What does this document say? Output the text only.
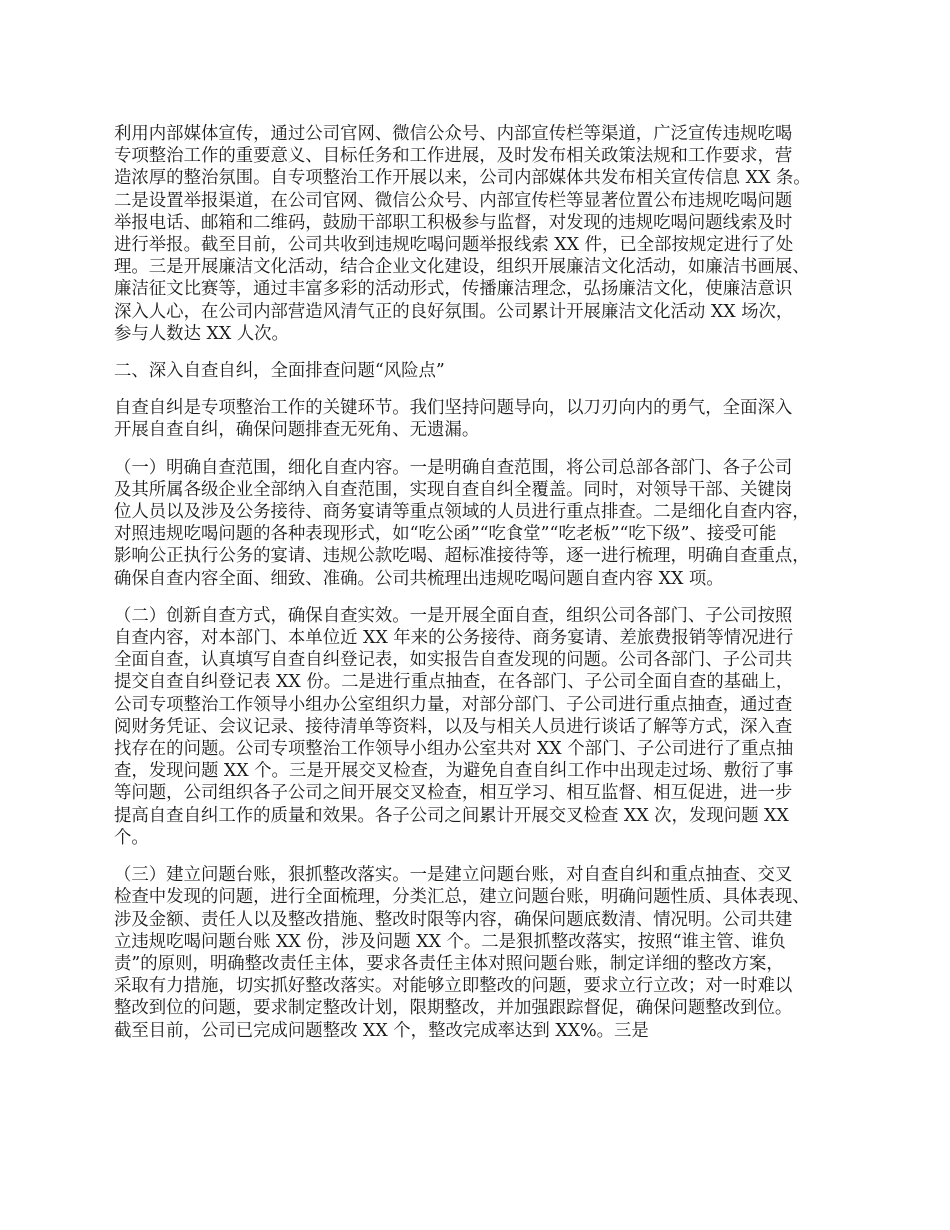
利用内部媒体宣传，通过公司官网、微信公众号、内部宣传栏等渠道，广泛宣传违规吃喝
专项整治工作的重要意义、目标任务和工作进展，及时发布相关政策法规和工作要求，营
造浓厚的整治氛围。自专项整治工作开展以来，公司内部媒体共发布相关宣传信息 XX 条。
二是设置举报渠道，在公司官网、微信公众号、内部宣传栏等显著位置公布违规吃喝问题
举报电话、邮箱和二维码，鼓励干部职工积极参与监督，对发现的违规吃喝问题线索及时
进行举报。截至目前，公司共收到违规吃喝问题举报线索 XX 件，已全部按规定进行了处
理。三是开展廉洁文化活动，结合企业文化建设，组织开展廉洁文化活动，如廉洁书画展、
廉洁征文比赛等，通过丰富多彩的活动形式，传播廉洁理念，弘扬廉洁文化，使廉洁意识
深入人心，在公司内部营造风清气正的良好氛围。公司累计开展廉洁文化活动 XX 场次，
参与人数达 XX 人次。

二、深入自查自纠，全面排查问题“风险点”

自查自纠是专项整治工作的关键环节。我们坚持问题导向，以刀刃向内的勇气，全面深入
开展自查自纠，确保问题排查无死角、无遗漏。

（一）明确自查范围，细化自查内容。一是明确自查范围，将公司总部各部门、各子公司
及其所属各级企业全部纳入自查范围，实现自查自纠全覆盖。同时，对领导干部、关键岗
位人员以及涉及公务接待、商务宴请等重点领域的人员进行重点排查。二是细化自查内容，
对照违规吃喝问题的各种表现形式，如“吃公函”“吃食堂”“吃老板”“吃下级”、接受可能
影响公正执行公务的宴请、违规公款吃喝、超标准接待等，逐一进行梳理，明确自查重点，
确保自查内容全面、细致、准确。公司共梳理出违规吃喝问题自查内容 XX 项。

（二）创新自查方式，确保自查实效。一是开展全面自查，组织公司各部门、子公司按照
自查内容，对本部门、本单位近 XX 年来的公务接待、商务宴请、差旅费报销等情况进行
全面自查，认真填写自查自纠登记表，如实报告自查发现的问题。公司各部门、子公司共
提交自查自纠登记表 XX 份。二是进行重点抽查，在各部门、子公司全面自查的基础上，
公司专项整治工作领导小组办公室组织力量，对部分部门、子公司进行重点抽查，通过查
阅财务凭证、会议记录、接待清单等资料，以及与相关人员进行谈话了解等方式，深入查
找存在的问题。公司专项整治工作领导小组办公室共对 XX 个部门、子公司进行了重点抽
查，发现问题 XX 个。三是开展交叉检查，为避免自查自纠工作中出现走过场、敷衍了事
等问题，公司组织各子公司之间开展交叉检查，相互学习、相互监督、相互促进，进一步
提高自查自纠工作的质量和效果。各子公司之间累计开展交叉检查 XX 次，发现问题 XX
个。

（三）建立问题台账，狠抓整改落实。一是建立问题台账，对自查自纠和重点抽查、交叉
检查中发现的问题，进行全面梳理，分类汇总，建立问题台账，明确问题性质、具体表现、
涉及金额、责任人以及整改措施、整改时限等内容，确保问题底数清、情况明。公司共建
立违规吃喝问题台账 XX 份，涉及问题 XX 个。二是狠抓整改落实，按照“谁主管、谁负
责”的原则，明确整改责任主体，要求各责任主体对照问题台账，制定详细的整改方案，
采取有力措施，切实抓好整改落实。对能够立即整改的问题，要求立行立改；对一时难以
整改到位的问题，要求制定整改计划，限期整改，并加强跟踪督促，确保问题整改到位。
截至目前，公司已完成问题整改 XX 个，整改完成率达到 XX%。三是
